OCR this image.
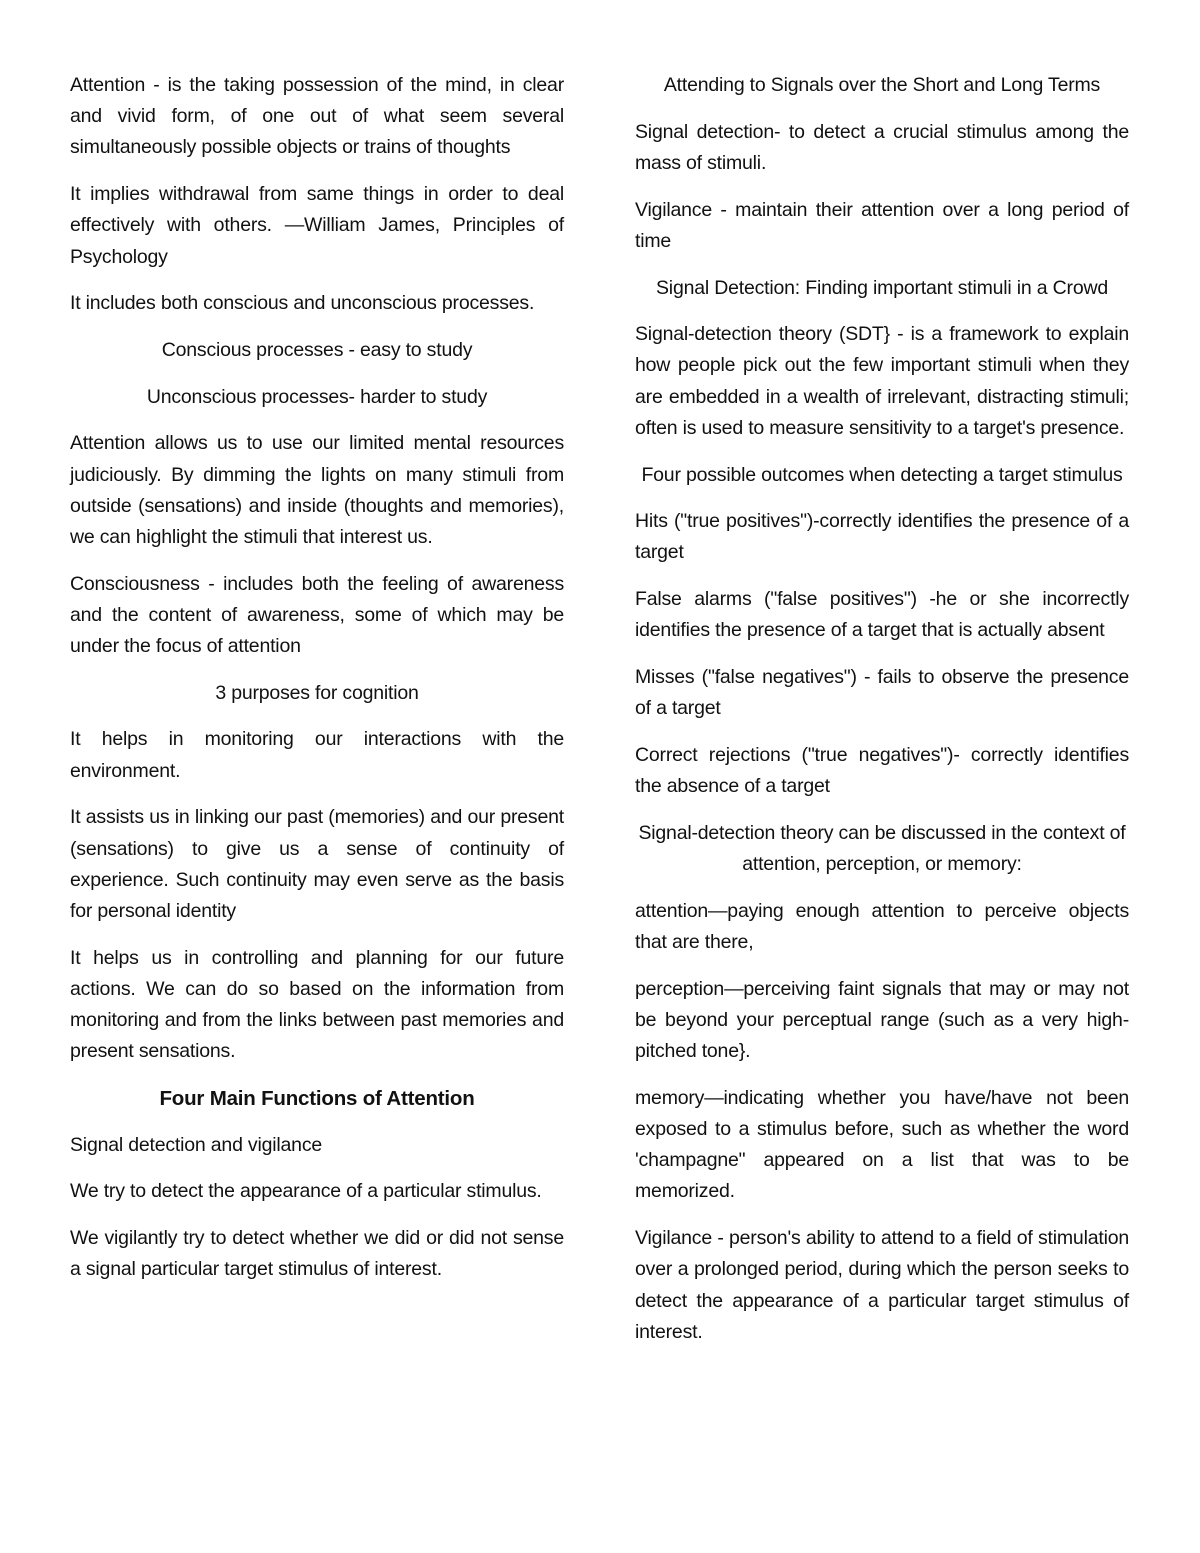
Attention - is the taking possession of the mind, in clear and vivid form, of one out of what seem several simultaneously possible objects or trains of thoughts

It implies withdrawal from same things in order to deal effectively with others. —William James, Principles of Psychology

It includes both conscious and unconscious processes.

Conscious processes - easy to study

Unconscious processes- harder to study

Attention allows us to use our limited mental resources judiciously. By dimming the lights on many stimuli from outside (sensations) and inside (thoughts and memories), we can highlight the stimuli that interest us.

Consciousness - includes both the feeling of awareness and the content of awareness, some of which may be under the focus of attention

3 purposes for cognition

It helps in monitoring our interactions with the environment.

It assists us in linking our past (memories) and our present (sensations) to give us a sense of continuity of experience. Such continuity may even serve as the basis for personal identity

It helps us in controlling and planning for our future actions. We can do so based on the information from monitoring and from the links between past memories and present sensations.

Four Main Functions of Attention

Signal detection and vigilance

We try to detect the appearance of a particular stimulus.

We vigilantly try to detect whether we did or did not sense a signal particular target stimulus of interest.

Attending to Signals over the Short and Long Terms

Signal detection- to detect a crucial stimulus among the mass of stimuli.

Vigilance - maintain their attention over a long period of time

Signal Detection: Finding important stimuli in a Crowd

Signal-detection theory (SDT} - is a framework to explain how people pick out the few important stimuli when they are embedded in a wealth of irrelevant, distracting stimuli; often is used to measure sensitivity to a target's presence.

Four possible outcomes when detecting a target stimulus

Hits ("true positives")-correctly identifies the presence of a target

False alarms ("false positives") -he or she incorrectly identifies the presence of a target that is actually absent

Misses ("false negatives") - fails to observe the presence of a target

Correct rejections ("true negatives")- correctly identifies the absence of a target

Signal-detection theory can be discussed in the context of attention, perception, or memory:

attention—paying enough attention to perceive objects that are there,

perception—perceiving faint signals that may or may not be beyond your perceptual range (such as a very high-pitched tone}.

memory—indicating whether you have/have not been exposed to a stimulus before, such as whether the word 'champagne" appeared on a list that was to be memorized.

Vigilance - person's ability to attend to a field of stimulation over a prolonged period, during which the person seeks to detect the appearance of a particular target stimulus of interest.
